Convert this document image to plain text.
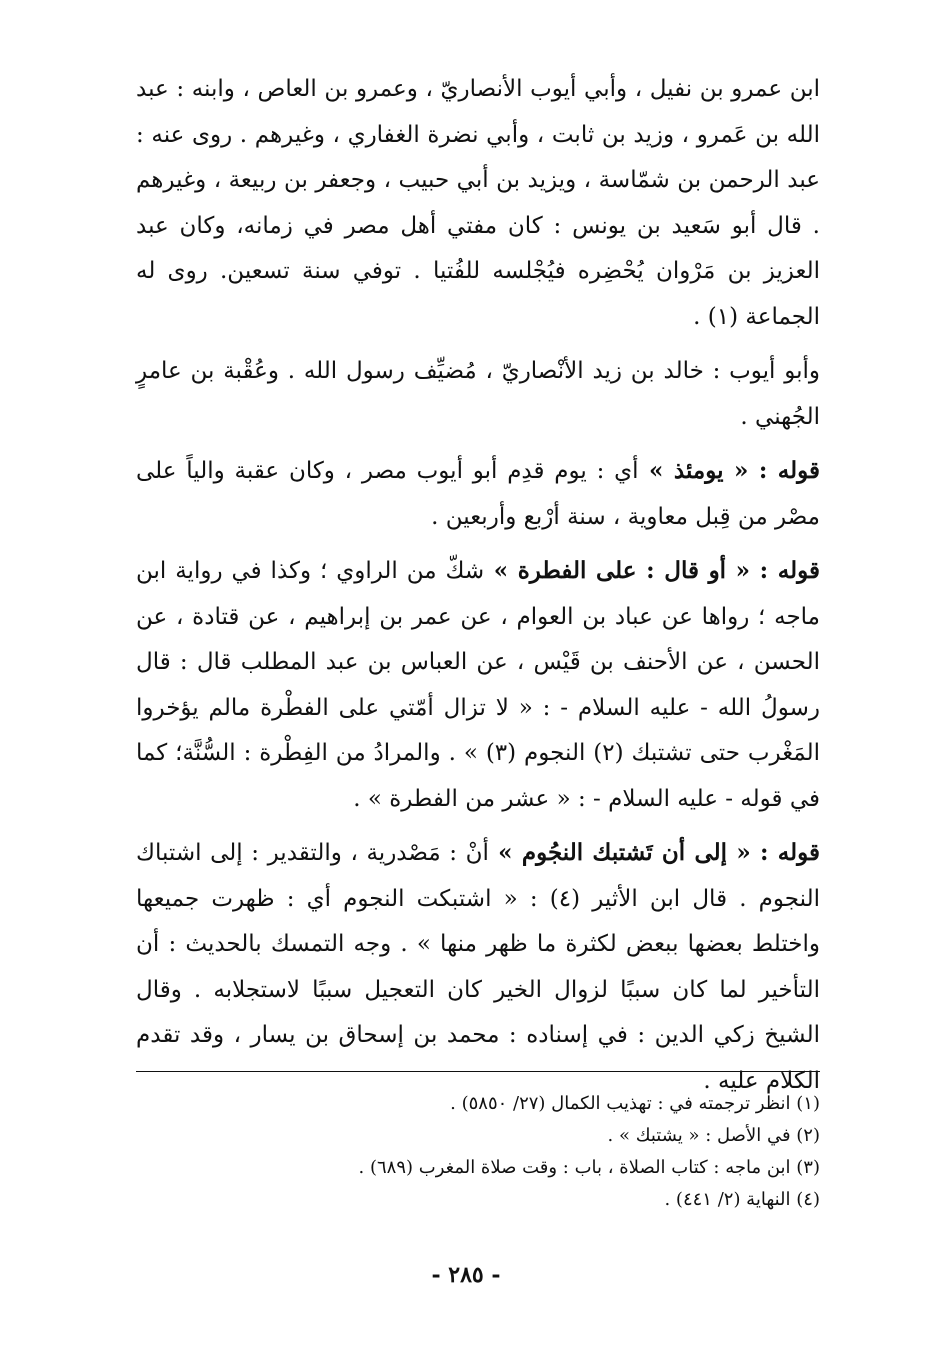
ابن عمرو بن نفيل ، وأبي أيوب الأنصاريّ ، وعمرو بن العاص ، وابنه : عبد الله بن عَمرو ، وزيد بن ثابت ، وأبي نضرة الغفاري ، وغيرهم . روى عنه : عبد الرحمن بن شمّاسة ، ويزيد بن أبي حبيب ، وجعفر بن ربيعة ، وغيرهم . قال أبو سَعيد بن يونس : كان مفتي أهل مصر في زمانه، وكان عبد العزيز بن مَرْوان يُحْضِره فيُجْلسه للفُتيا . توفي سنة تسعين. روى له الجماعة (١) .

وأبو أيوب : خالد بن زيد الأنْصاريّ ، مُضيِّف رسول الله . وعُقْبة بن عامرٍ الجُهني .

قوله : « يومئذ » أي : يوم قدِم أبو أيوب مصر ، وكان عقبة والياً على مصْر من قِبل معاوية ، سنة أرْبع وأربعين .

قوله : « أو قال : على الفطرة » شكّ من الراوي ؛ وكذا في رواية ابن ماجه ؛ رواها عن عباد بن العوام ، عن عمر بن إبراهيم ، عن قتادة ، عن الحسن ، عن الأحنف بن قَيْس ، عن العباس بن عبد المطلب قال : قال رسولُ الله - عليه السلام - : « لا تزال أمّتي على الفطْرة مالم يؤخروا المَغْرب حتى تشتبك (٢) النجوم (٣) » . والمرادُ من الفِطْرة : السُّنَّة؛ كما في قوله - عليه السلام - : « عشر من الفطرة » .

قوله : « إلى أن تَشتبك النجُوم » أنْ : مَصْدرية ، والتقدير : إلى اشتباك النجوم . قال ابن الأثير (٤) : « اشتبكت النجوم أي : ظهرت جميعها واختلط بعضها ببعض لكثرة ما ظهر منها » . وجه التمسك بالحديث : أن التأخير لما كان سببًا لزوال الخير كان التعجيل سببًا لاستجلابه . وقال الشيخ زكي الدين : في إسناده : محمد بن إسحاق بن يسار ، وقد تقدم الكلام عليه .

(١) انظر ترجمته في : تهذيب الكمال (٢٧/ ٥٨٥٠) .
(٢) في الأصل : « يشتبك » .
(٣) ابن ماجه : كتاب الصلاة ، باب : وقت صلاة المغرب (٦٨٩) .
(٤) النهاية (٢/ ٤٤١) .
- ٢٨٥ -
